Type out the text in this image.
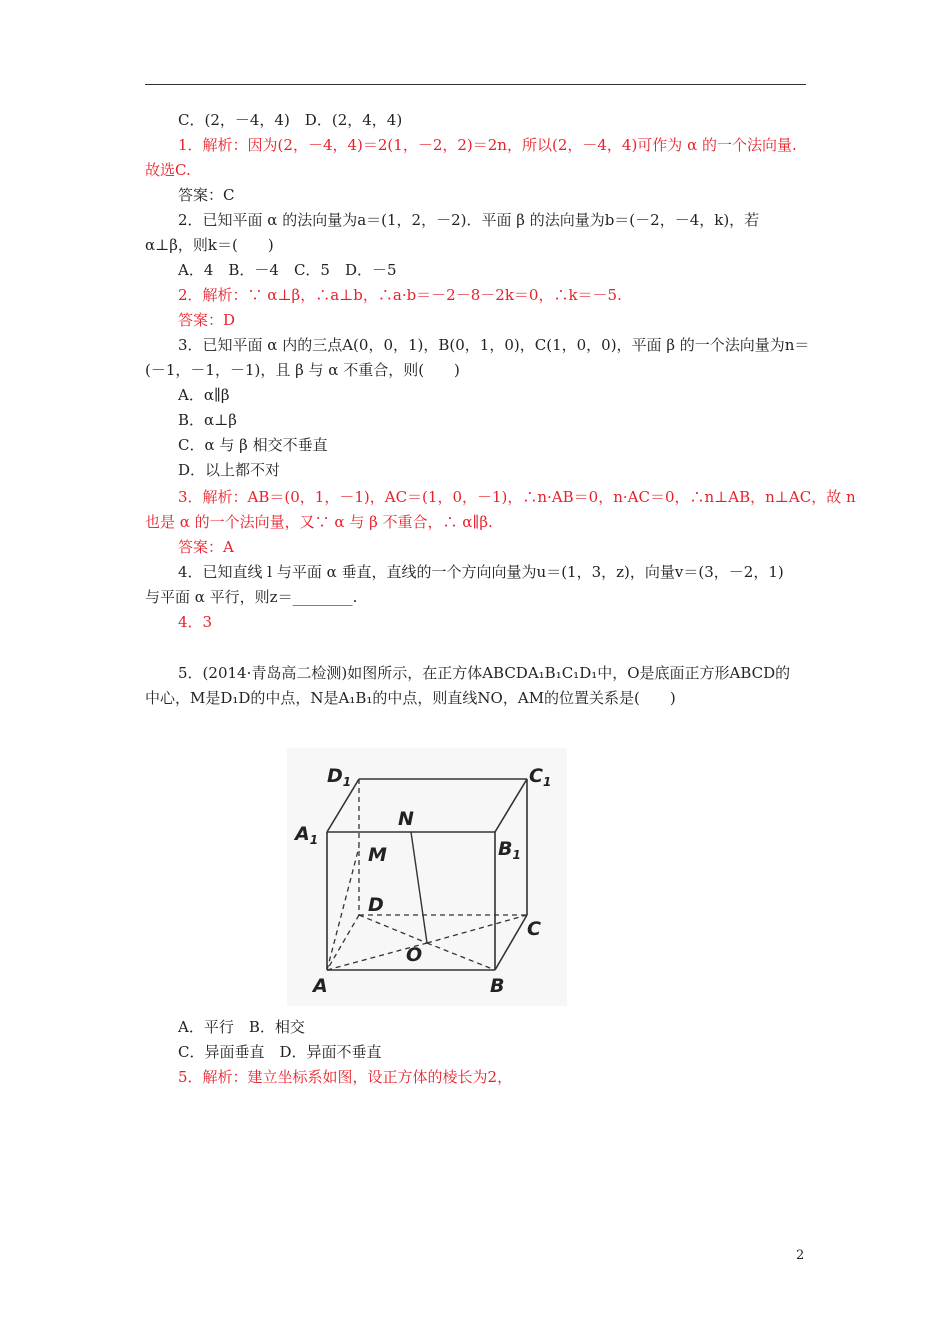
C．(2，－4，4)　D．(2，4，4)
1．解析：因为(2，－4，4)＝2(1，－2，2)＝2n，所以(2，－4，4)可作为 α 的一个法向量.
故选C.
答案：C
2．已知平面 α 的法向量为a＝(1，2，－2)．平面 β 的法向量为b＝(－2，－4，k)，若
α⊥β，则k＝(　　)
A．4　B．－4　C．5　D．－5
2．解析：∵ α⊥β，∴a⊥b，∴a·b＝－2－8－2k＝0，∴k＝－5.
答案：D
3．已知平面 α 内的三点A(0，0，1)，B(0，1，0)，C(1，0，0)，平面 β 的一个法向量为n＝
(－1，－1，－1)，且 β 与 α 不重合，则(　　)
A．α∥β
B．α⊥β
C．α 与 β 相交不垂直
D．以上都不对
3．解析：AB＝(0，1，－1)，AC＝(1，0，－1)，∴n·AB＝0，n·AC＝0，∴n⊥AB，n⊥AC，故 n
也是 α 的一个法向量，又∵ α 与 β 不重合，∴ α∥β.
答案：A
4．已知直线 l 与平面 α 垂直，直线的一个方向向量为u＝(1，3，z)，向量v＝(3，－2，1)
与平面 α 平行，则z＝________.
4．3
5．(2014·青岛高二检测)如图所示，在正方体ABCDA₁B₁C₁D₁中，O是底面正方形ABCD的
中心，M是D₁D的中点，N是A₁B₁的中点，则直线NO，AM的位置关系是(　　)
A．平行　B．相交
C．异面垂直　D．异面不垂直
5．解析：建立坐标系如图，设正方体的棱长为2，
$D_1$	$C_1$
$A_1$	$B_1$
N
M
D
C
O
A	B
2
